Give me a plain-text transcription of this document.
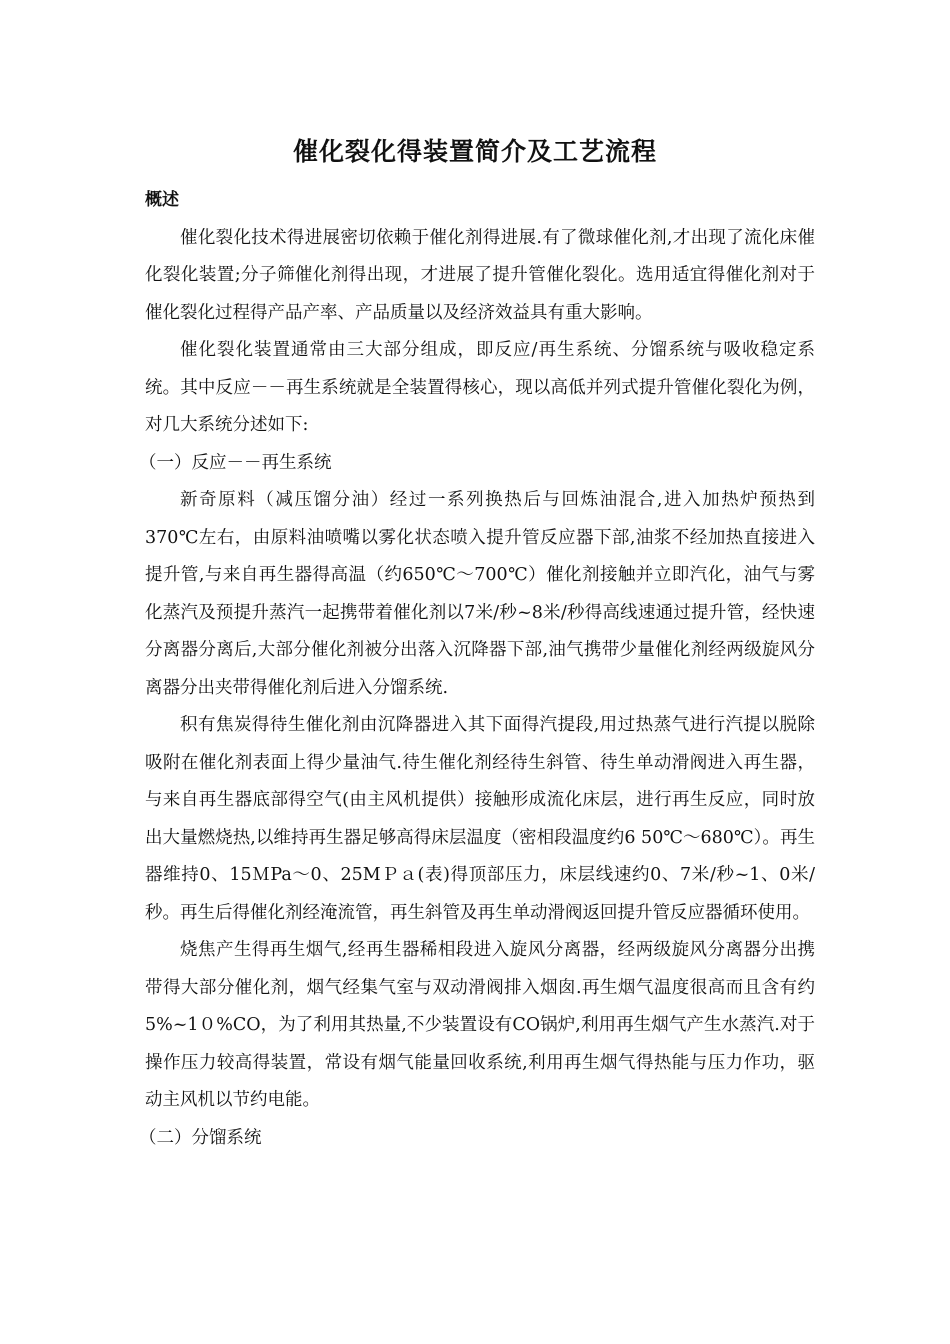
催化裂化得装置简介及工艺流程
概述

催化裂化技术得进展密切依赖于催化剂得进展.有了微球催化剂,才出现了流化床催化裂化装置;分子筛催化剂得出现，才进展了提升管催化裂化。选用适宜得催化剂对于催化裂化过程得产品产率、产品质量以及经济效益具有重大影响。

催化裂化装置通常由三大部分组成，即反应/再生系统、分馏系统与吸收稳定系统。其中反应－－再生系统就是全装置得核心，现以高低并列式提升管催化裂化为例，对几大系统分述如下:

（一）反应－－再生系统

新奇原料（减压馏分油）经过一系列换热后与回炼油混合,进入加热炉预热到370℃左右，由原料油喷嘴以雾化状态喷入提升管反应器下部,油浆不经加热直接进入提升管,与来自再生器得高温（约650℃～700℃）催化剂接触并立即汽化，油气与雾化蒸汽及预提升蒸汽一起携带着催化剂以7米/秒~8米/秒得高线速通过提升管，经快速分离器分离后,大部分催化剂被分出落入沉降器下部,油气携带少量催化剂经两级旋风分离器分出夹带得催化剂后进入分馏系统.

积有焦炭得待生催化剂由沉降器进入其下面得汽提段,用过热蒸气进行汽提以脱除吸附在催化剂表面上得少量油气.待生催化剂经待生斜管、待生单动滑阀进入再生器，与来自再生器底部得空气(由主风机提供）接触形成流化床层，进行再生反应，同时放出大量燃烧热,以维持再生器足够高得床层温度（密相段温度约6 50℃～680℃）。再生器维持0、15ＭPa～0、25MＰａ(表)得顶部压力，床层线速约0、7米/秒~1、0米/秒。再生后得催化剂经淹流管，再生斜管及再生单动滑阀返回提升管反应器循环使用。

烧焦产生得再生烟气,经再生器稀相段进入旋风分离器，经两级旋风分离器分出携带得大部分催化剂，烟气经集气室与双动滑阀排入烟囱.再生烟气温度很高而且含有约5%~1０%CO，为了利用其热量,不少装置设有CO锅炉,利用再生烟气产生水蒸汽.对于操作压力较高得装置，常设有烟气能量回收系统,利用再生烟气得热能与压力作功，驱动主风机以节约电能。

（二）分馏系统
